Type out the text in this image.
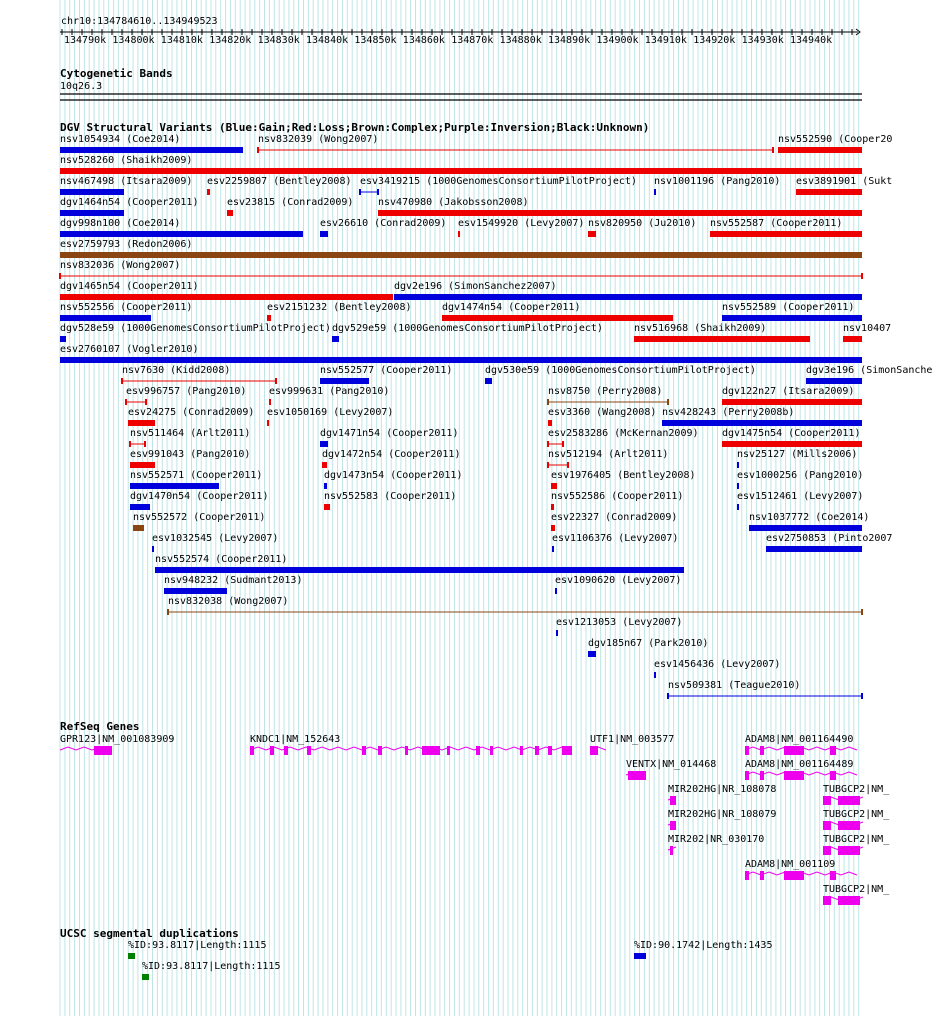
chr10:134784610..134949523
134790k 134800k 134810k 134820k 134830k 134840k 134850k 134860k 134870k 134880k 134890k 134900k 134910k 134920k 134930k 134940k
Cytogenetic Bands
10q26.3
DGV Structural Variants (Blue:Gain;Red:Loss;Brown:Complex;Purple:Inversion;Black:Unknown)
nsv1054934 (Coe2014)	nsv832039 (Wong2007)	nsv552590 (Cooper20
nsv528260 (Shaikh2009)
nsv467498 (Itsara2009) esv2259807 (Bentley2008) esv3419215 (1000GenomesConsortiumPilotProject) nsv1001196 (Pang2010) esv3891901 (Sukt
dgv1464n54 (Cooper2011)	esv23815 (Conrad2009) nsv470980 (Jakobsson2008)
dgv998n100 (Coe2014)	esv26610 (Conrad2009) esv1549920 (Levy2007) nsv820950 (Ju2010) nsv552587 (Cooper2011)
esv2759793 (Redon2006)
nsv832036 (Wong2007)
dgv1465n54 (Cooper2011)	dgv2e196 (SimonSanchez2007)
nsv552556 (Cooper2011)	esv2151232 (Bentley2008)	dgv1474n54 (Cooper2011)	nsv552589 (Cooper2011)
dgv528e59 (1000GenomesConsortiumPilotProject) dgv529e59 (1000GenomesConsortiumPilotProject)	nsv516968 (Shaikh2009)	nsv10407
esv2760107 (Vogler2010)
nsv7630 (Kidd2008)	nsv552577 (Cooper2011)	dgv530e59 (1000GenomesConsortiumPilotProject)	dgv3e196 (SimonSanche
esv996757 (Pang2010) esv999631 (Pang2010)	nsv8750 (Perry2008)	dgv122n27 (Itsara2009)
esv24275 (Conrad2009) esv1050169 (Levy2007)	esv3360 (Wang2008) nsv428243 (Perry2008b)
nsv511464 (Arlt2011)	dgv1471n54 (Cooper2011)	esv2583286 (McKernan2009) dgv1475n54 (Cooper2011)
esv991043 (Pang2010)	dgv1472n54 (Cooper2011)	nsv512194 (Arlt2011)	nsv25127 (Mills2006)
nsv552571 (Cooper2011)	dgv1473n54 (Cooper2011)	esv1976405 (Bentley2008)	esv1000256 (Pang2010)
dgv1470n54 (Cooper2011)	nsv552583 (Cooper2011)	nsv552586 (Cooper2011)	esv1512461 (Levy2007)
nsv552572 (Cooper2011)	esv22327 (Conrad2009)	nsv1037772 (Coe2014)
esv1032545 (Levy2007)	esv1106376 (Levy2007)	esv2750853 (Pinto2007
nsv552574 (Cooper2011)
nsv948232 (Sudmant2013)	esv1090620 (Levy2007)
nsv832038 (Wong2007)
esv1213053 (Levy2007)
dgv185n67 (Park2010)
esv1456436 (Levy2007)
nsv509381 (Teague2010)
RefSeq Genes
GPR123|NM_001083909	KNDC1|NM_152643	UTF1|NM_003577	ADAM8|NM_001164490
VENTX|NM_014468	ADAM8|NM_001164489
MIR202HG|NR_108078	TUBGCP2|NM_
MIR202HG|NR_108079	TUBGCP2|NM_
MIR202|NR_030170	TUBGCP2|NM_
ADAM8|NM_001109
TUBGCP2|NM_
UCSC segmental duplications
%ID:93.8117|Length:1115
%ID:93.8117|Length:1115
%ID:90.1742|Length:1435
